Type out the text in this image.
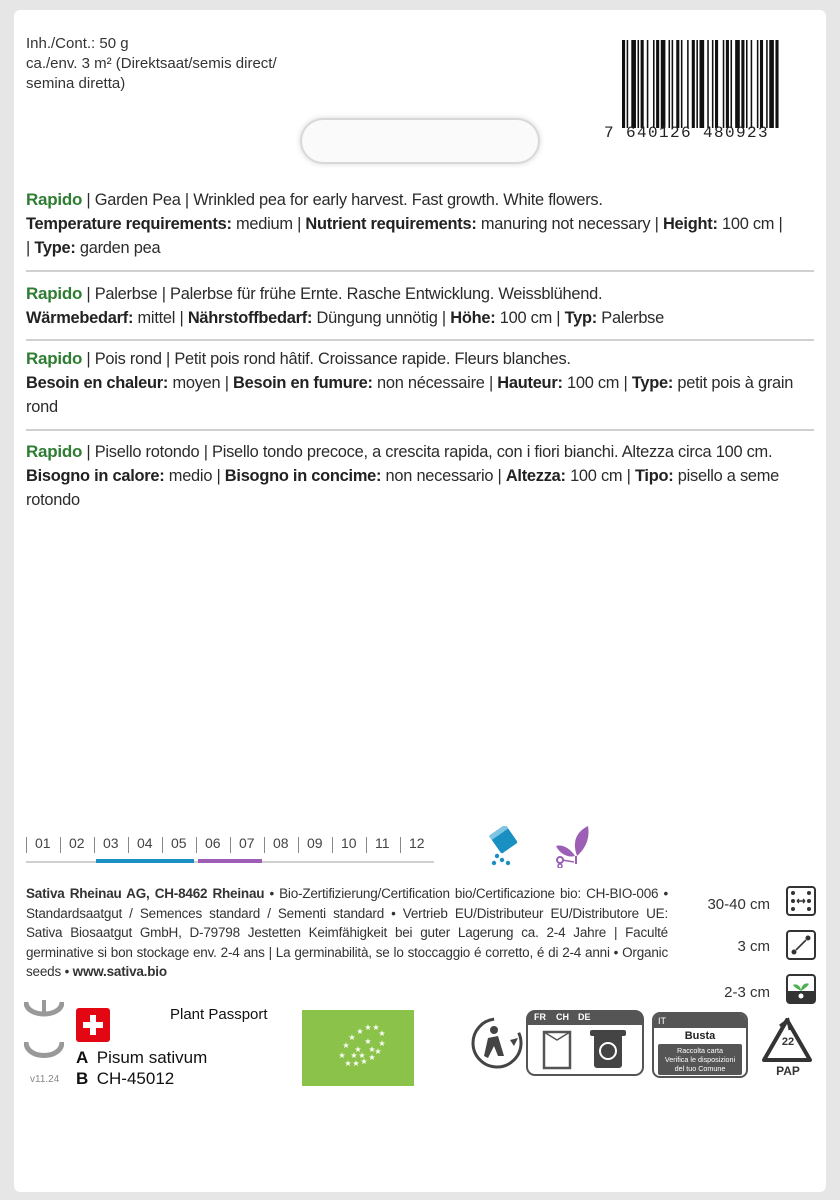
Inh./Cont.: 50 g
ca./env. 3 m² (Direktsaat/semis direct/
semina diretta)
7 640126 480923

Rapido | Garden Pea | Wrinkled pea for early harvest. Fast growth. White flowers.

Temperature requirements: medium | Nutrient requirements: manuring not necessary | Height: 100 cm |
| Type: garden pea

Rapido | Palerbse | Palerbse für frühe Ernte. Rasche Entwicklung. Weissblühend.

Wärmebedarf: mittel | Nährstoffbedarf: Düngung unnötig | Höhe: 100 cm | Typ: Palerbse

Rapido | Pois rond | Petit pois rond hâtif. Croissance rapide. Fleurs blanches.

Besoin en chaleur: moyen | Besoin en fumure: non nécessaire | Hauteur: 100 cm | Type: petit pois à grain rond

Rapido | Pisello rotondo | Pisello tondo precoce, a crescita rapida, con i fiori bianchi. Altezza circa 100 cm.

Bisogno in calore: medio | Bisogno in concime: non necessario | Altezza: 100 cm | Tipo: pisello a seme rotondo

01 02 03 04 05 06 07 08 09 10 11 12
Sativa Rheinau AG, CH-8462 Rheinau • Bio-Zertifizierung/Certification bio/Certificazione bio: CH-BIO-006 • Standardsaatgut / Semences standard / Sementi standard • Vertrieb EU/Distributeur EU/Distributore UE: Sativa Biosaatgut GmbH, D-79798 Jestetten Keimfähigkeit bei guter Lagerung ca. 2-4 Jahre | Faculté germinative si bon stockage env. 2-4 ans | La germinabilità, se lo stoccaggio é corretto, é di 2-4 anni • Organic seeds • www.sativa.bio
30-40 cm
3 cm
2-3 cm
v11.24
Plant Passport
A Pisum sativum
B CH-45012
★
★
★
★ ★ ★
★
★
★
★
★
★
★
★
★
★
★
★
FR CH DE	IT
Busta
Raccolta carta
Verifica le disposizioni
del tuo Comune
22
PAP
